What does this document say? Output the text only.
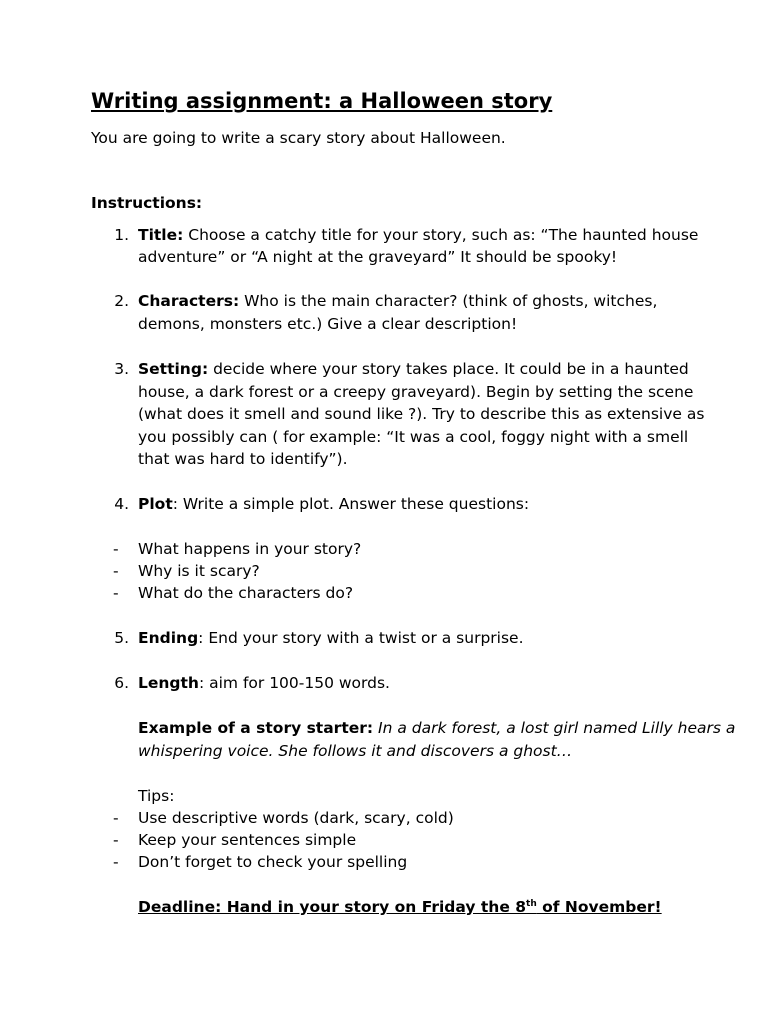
Writing assignment: a Halloween story
You are going to write a scary story about Halloween.
Instructions:
1. Title: Choose a catchy title for your story, such as: “The haunted house
adventure” or “A night at the graveyard” It should be spooky!
2. Characters: Who is the main character? (think of ghosts, witches,
demons, monsters etc.) Give a clear description!
3. Setting: decide where your story takes place. It could be in a haunted
house, a dark forest or a creepy graveyard). Begin by setting the scene
(what does it smell and sound like ?). Try to describe this as extensive as
you possibly can ( for example: “It was a cool, foggy night with a smell
that was hard to identify”).
4. Plot: Write a simple plot. Answer these questions:
- What happens in your story?
- Why is it scary?
- What do the characters do?
5. Ending: End your story with a twist or a surprise.
6. Length: aim for 100-150 words.
Example of a story starter: In a dark forest, a lost girl named Lilly hears a
whispering voice. She follows it and discovers a ghost…
Tips:
- Use descriptive words (dark, scary, cold)
- Keep your sentences simple
- Don’t forget to check your spelling
Deadline: Hand in your story on Friday the 8th of November!
